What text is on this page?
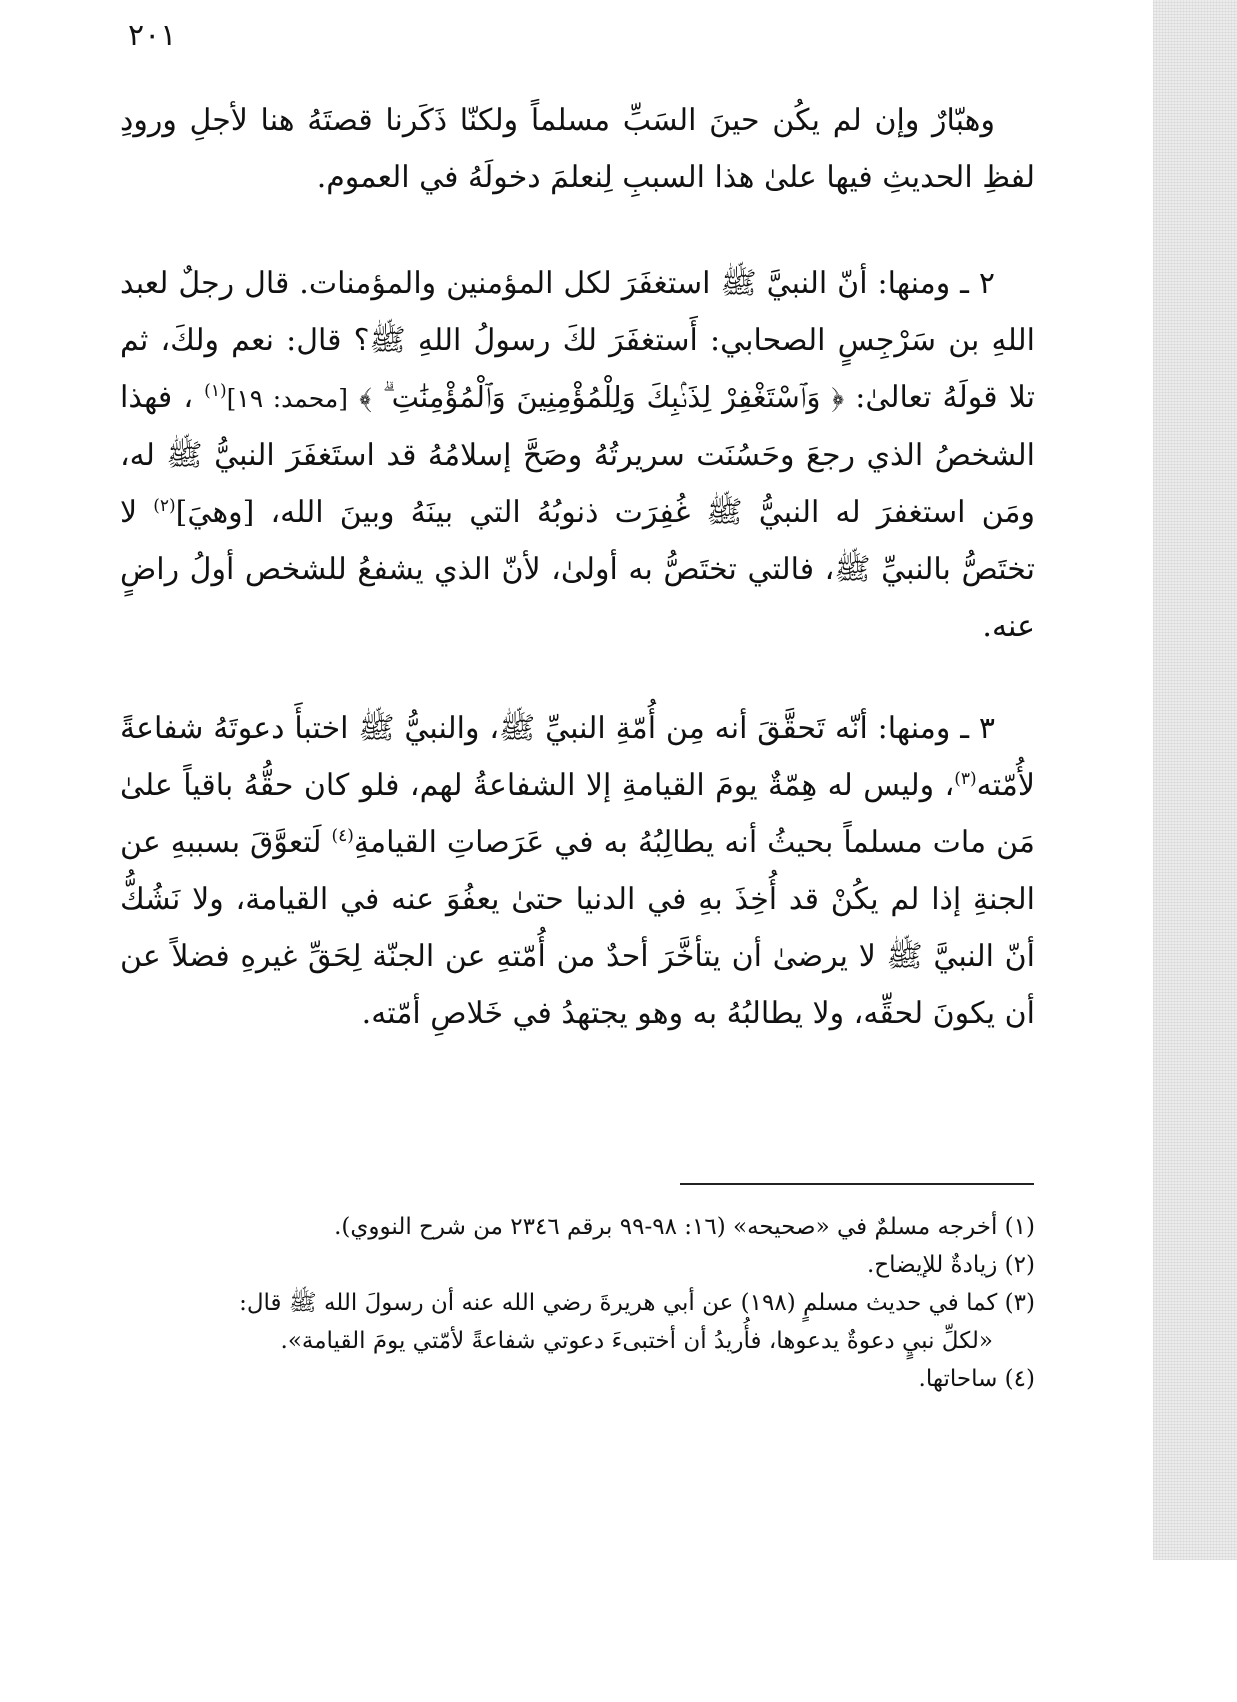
٢٠١

وهبّارٌ وإن لم يكُن حينَ السَبِّ مسلماً ولكنّا ذَكَرنا قصتَهُ هنا لأجلِ ورودِ لفظِ الحديثِ فيها علىٰ هذا السببِ لِنعلمَ دخولَهُ في العموم.

٢ ـ ومنها: أنّ النبيَّ ﷺ استغفَرَ لكل المؤمنين والمؤمنات. قال رجلٌ لعبد اللهِ بن سَرْجِسٍ الصحابي: أَستغفَرَ لكَ رسولُ اللهِ ﷺ؟ قال: نعم ولكَ، ثم تلا قولَهُ تعالىٰ: ﴿ وَٱسْتَغْفِرْ لِذَنۢبِكَ وَلِلْمُؤْمِنِينَ وَٱلْمُؤْمِنَٰتِ ۗ ﴾ [محمد: ١٩]$^{(١)}$ ، فهذا الشخصُ الذي رجعَ وحَسُنَت سريرتُهُ وصَحَّ إسلامُهُ قد استَغفَرَ النبيُّ ﷺ له، ومَن استغفرَ له النبيُّ ﷺ غُفِرَت ذنوبُهُ التي بينَهُ وبينَ الله، [وهيَ]$^{(٢)}$ لا تختَصُّ بالنبيِّ ﷺ، فالتي تختَصُّ به أولىٰ، لأنّ الذي يشفعُ للشخص أولُ راضٍ عنه.

٣ ـ ومنها: أنّه تَحقَّقَ أنه مِن أُمّةِ النبيِّ ﷺ، والنبيُّ ﷺ اختبأَ دعوتَهُ شفاعةً لأُمّته$^{(٣)}$، وليس له هِمّةٌ يومَ القيامةِ إلا الشفاعةُ لهم، فلو كان حقُّهُ باقياً علىٰ مَن مات مسلماً بحيثُ أنه يطالِبُهُ به في عَرَصاتِ القيامةِ$^{(٤)}$ لَتعوَّقَ بسببهِ عن الجنةِ إذا لم يكُنْ قد أُخِذَ بهِ في الدنيا حتىٰ يعفُوَ عنه في القيامة، ولا نَشُكُّ أنّ النبيَّ ﷺ لا يرضىٰ أن يتأخَّرَ أحدٌ من أُمّتهِ عن الجنّة لِحَقِّ غيرهِ فضلاً عن أن يكونَ لحقِّه، ولا يطالبُهُ به وهو يجتهدُ في خَلاصِ أمّته.

(١) أخرجه مسلمٌ في «صحيحه» (١٦: ٩٨-٩٩ برقم ٢٣٤٦ من شرح النووي).

(٢) زيادةٌ للإيضاح.

(٣) كما في حديث مسلمٍ (١٩٨) عن أبي هريرةَ رضي الله عنه أن رسولَ الله ﷺ قال:

«لكلِّ نبيٍ دعوةٌ يدعوها، فأُريدُ أن أختبىءَ دعوتي شفاعةً لأمّتي يومَ القيامة».

(٤) ساحاتها.
